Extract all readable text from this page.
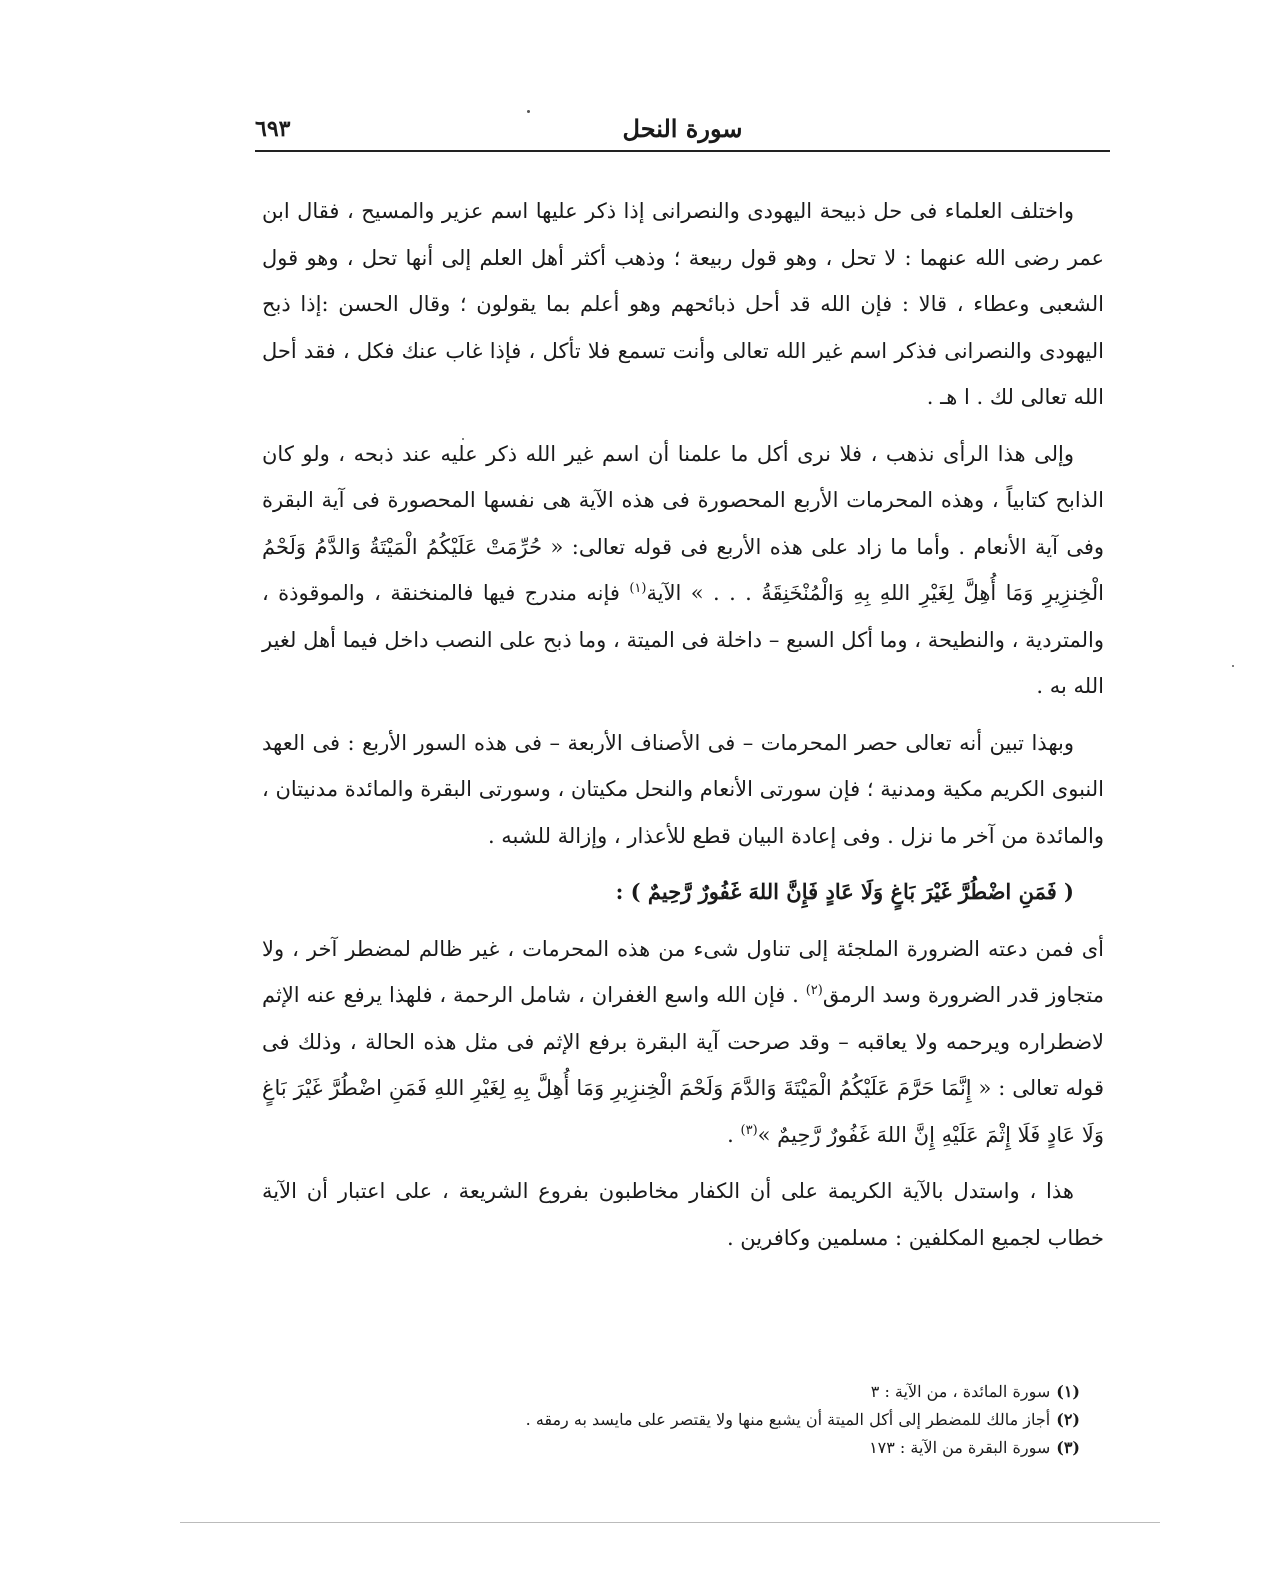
سورة النحل
٦٩٣

واختلف العلماء فى حل ذبيحة اليهودى والنصرانى إذا ذكر عليها اسم عزير والمسيح ، فقال ابن عمر رضى الله عنهما : لا تحل ، وهو قول ربيعة ؛ وذهب أكثر أهل العلم إلى أنها تحل ، وهو قول الشعبى وعطاء ، قالا : فإن الله قد أحل ذبائحهم وهو أعلم بما يقولون ؛ وقال الحسن :إذا ذبح اليهودى والنصرانى فذكر اسم غير الله تعالى وأنت تسمع فلا تأكل ، فإذا غاب عنك فكل ، فقد أحل الله تعالى لك . ا هـ .

وإلى هذا الرأى نذهب ، فلا نرى أكل ما علمنا أن اسم غير الله ذكر عليه عند ذبحه ، ولو كان الذابح كتابياً ، وهذه المحرمات الأربع المحصورة فى هذه الآية هى نفسها المحصورة فى آية البقرة وفى آية الأنعام . وأما ما زاد على هذه الأربع فى قوله تعالى: « حُرِّمَتْ عَلَيْكُمُ الْمَيْتَةُ وَالدَّمُ وَلَحْمُ الْخِنزِيرِ وَمَا أُهِلَّ لِغَيْرِ اللهِ بِهِ وَالْمُنْخَنِقَةُ . . . » الآية$^{(١)}$ فإنه مندرج فيها فالمنخنقة ، والموقوذة ، والمتردية ، والنطيحة ، وما أكل السبع – داخلة فى الميتة ، وما ذبح على النصب داخل فيما أهل لغير الله به .

وبهذا تبين أنه تعالى حصر المحرمات – فى الأصناف الأربعة – فى هذه السور الأربع : فى العهد النبوى الكريم مكية ومدنية ؛ فإن سورتى الأنعام والنحل مكيتان ، وسورتى البقرة والمائدة مدنيتان ، والمائدة من آخر ما نزل . وفى إعادة البيان قطع للأعذار ، وإزالة للشبه .

( فَمَنِ اضْطُرَّ غَيْرَ بَاغٍ وَلَا عَادٍ فَإِنَّ اللهَ غَفُورٌ رَّحِيمٌ ) :

أى فمن دعته الضرورة الملجئة إلى تناول شىء من هذه المحرمات ، غير ظالم لمضطر آخر ، ولا متجاوز قدر الضرورة وسد الرمق$^{(٢)}$ . فإن الله واسع الغفران ، شامل الرحمة ، فلهذا يرفع عنه الإثم لاضطراره ويرحمه ولا يعاقبه – وقد صرحت آية البقرة برفع الإثم فى مثل هذه الحالة ، وذلك فى قوله تعالى : « إِنَّمَا حَرَّمَ عَلَيْكُمُ الْمَيْتَةَ وَالدَّمَ وَلَحْمَ الْخِنزِيرِ وَمَا أُهِلَّ بِهِ لِغَيْرِ اللهِ فَمَنِ اضْطُرَّ غَيْرَ بَاغٍ وَلَا عَادٍ فَلَا إِثْمَ عَلَيْهِ إِنَّ اللهَ غَفُورٌ رَّحِيمٌ »$^{(٣)}$ .

هذا ، واستدل بالآية الكريمة على أن الكفار مخاطبون بفروع الشريعة ، على اعتبار أن الآية خطاب لجميع المكلفين : مسلمين وكافرين .

(١)سورة المائدة ، من الآية : ٣
(٢)أجاز مالك للمضطر إلى أكل الميتة أن يشبع منها ولا يقتصر على مايسد به رمقه .
(٣)سورة البقرة من الآية : ١٧٣
